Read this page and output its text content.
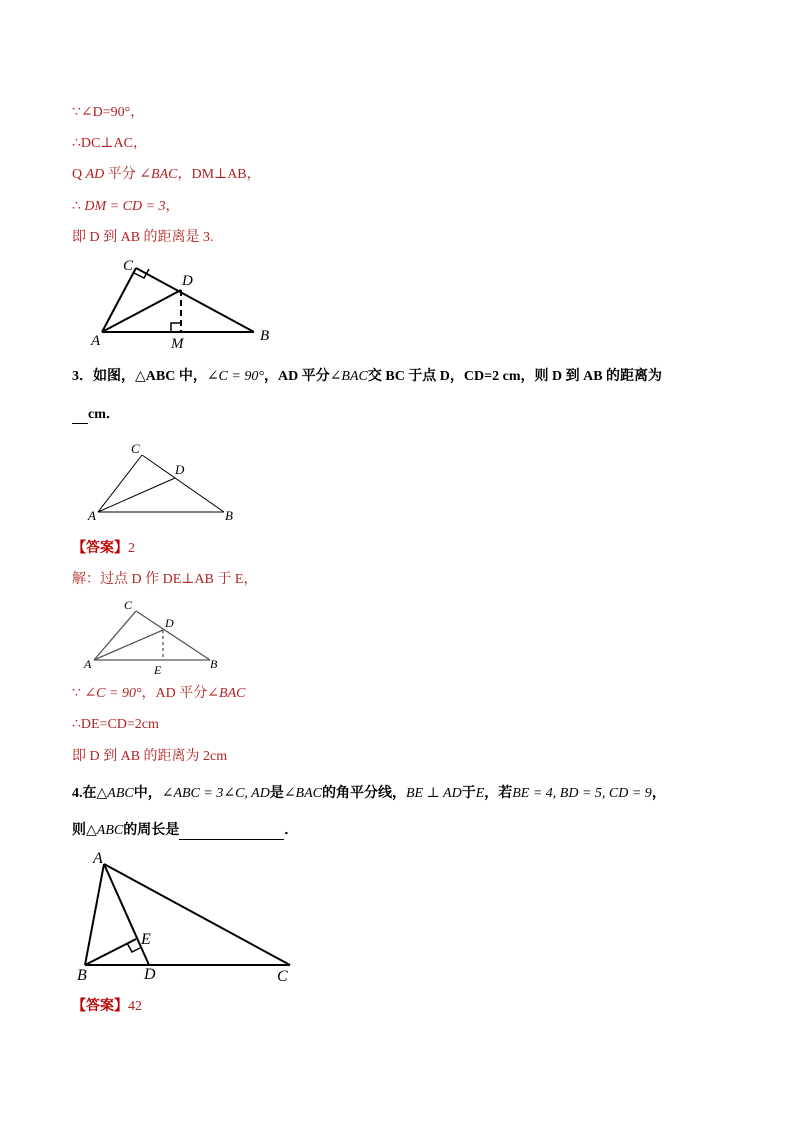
∵∠D=90°，
∴DC⊥AC，
Q AD 平分 ∠BAC，DM⊥AB，
∴ DM = CD = 3，
即 D 到 AB 的距离是 3.
A	B
C
D
M
3．如图，△ABC 中，∠C = 90°，AD 平分∠BAC交 BC 于点 D，CD=2 cm，则 D 到 AB 的距离为
cm．
A	B
C
D
【答案】2
解：过点 D 作 DE⊥AB 于 E，
A	B
C
D
E
∵ ∠C = 90°，AD 平分∠BAC
∴DE=CD=2cm
即 D 到 AB 的距离为 2cm
4.在△ABC中，∠ABC = 3∠C, AD是∠BAC的角平分线，BE ⊥ AD于E，若BE = 4, BD = 5, CD = 9，
则△ABC的周长是	．
A
B	C
D
E
【答案】42
